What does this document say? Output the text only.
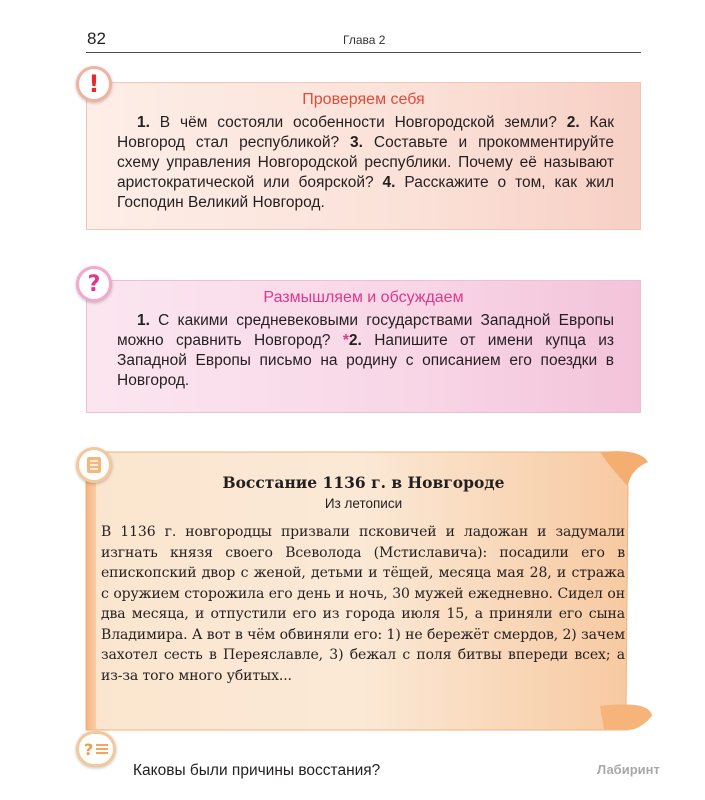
82	Глава 2
Проверяем себя
1. В чём состояли особенности Новгородской земли? 2. Как Новгород стал республикой? 3. Составьте и прокомментируйте схему управления Новгородской республики. Почему её называют аристократической или боярской? 4. Расскажите о том, как жил Господин Великий Новгород.
!
Размышляем и обсуждаем
1. С какими средневековыми государствами Западной Европы можно сравнить Новгород? *2. Напишите от имени купца из Западной Европы письмо на родину с описанием его поездки в Новгород.
?
Восстание 1136 г. в Новгороде
Из летописи
В 1136 г. новгородцы призвали псковичей и ладожан и задумали изгнать князя своего Всеволода (Мстиславича): посадили его в епископский двор с женой, детьми и тёщей, месяца мая 28, и стража с оружием сторожила его день и ночь, 30 мужей ежедневно. Сидел он два месяца, и отпустили его из города июля 15, а приняли его сына Владимира. А вот в чём обвиняли его: 1) не бережёт смердов, 2) зачем захотел сесть в Переяславле, 3) бежал с поля битвы впереди всех; а из-за того много убитых...
?
Каковы были причины восстания?	Лабиринт
